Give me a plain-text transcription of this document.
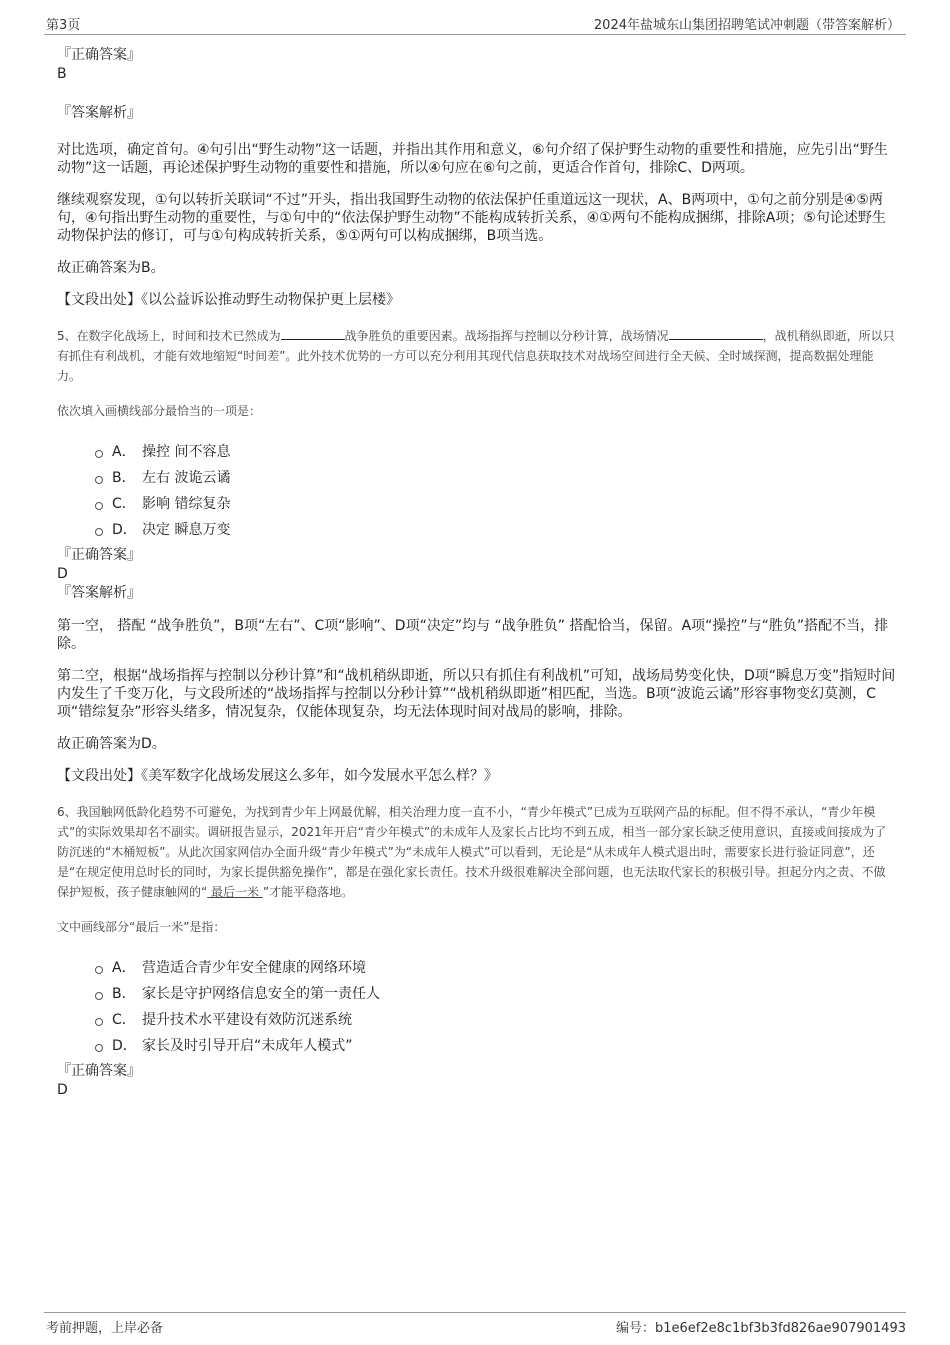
第3页	2024年盐城东山集团招聘笔试冲刺题（带答案解析）
『正确答案』
B
『答案解析』

对比选项，确定首句。④句引出“野生动物”这一话题，并指出其作用和意义，⑥句介绍了保护野生动物的重要性和措施，应先引出“野生动物”这一话题，再论述保护野生动物的重要性和措施，所以④句应在⑥句之前，更适合作首句，排除C、D两项。

继续观察发现，①句以转折关联词“不过”开头，指出我国野生动物的依法保护任重道远这一现状，A、B两项中，①句之前分别是④⑤两句，④句指出野生动物的重要性，与①句中的“依法保护野生动物”不能构成转折关系，④①两句不能构成捆绑，排除A项；⑤句论述野生动物保护法的修订，可与①句构成转折关系，⑤①两句可以构成捆绑，B项当选。

故正确答案为B。

【文段出处】《以公益诉讼推动野生动物保护更上层楼》

5、在数字化战场上，时间和技术已然成为	战争胜负的重要因素。战场指挥与控制以分秒计算，战场情况	，战机稍纵即逝，所以只有抓住有利战机，才能有效地缩短“时间差”。此外技术优势的一方可以充分利用其现代信息获取技术对战场空间进行全天候、全时域探测，提高数据处理能力。

依次填入画横线部分最恰当的一项是：

A． 操控 间不容息
B． 左右 波诡云谲
C． 影响 错综复杂
D． 决定 瞬息万变
『正确答案』
D
『答案解析』

第一空， 搭配 “战争胜负”，B项“左右”、C项“影响”、D项“决定”均与 “战争胜负” 搭配恰当，保留。A项“操控”与“胜负”搭配不当，排除。

第二空，根据“战场指挥与控制以分秒计算”和“战机稍纵即逝，所以只有抓住有利战机”可知，战场局势变化快，D项“瞬息万变”指短时间内发生了千变万化，与文段所述的“战场指挥与控制以分秒计算”“战机稍纵即逝”相匹配，当选。B项“波诡云谲”形容事物变幻莫测，C项“错综复杂”形容头绪多，情况复杂，仅能体现复杂，均无法体现时间对战局的影响，排除。

故正确答案为D。

【文段出处】《美军数字化战场发展这么多年，如今发展水平怎么样？》

6、我国触网低龄化趋势不可避免，为找到青少年上网最优解，相关治理力度一直不小，“青少年模式”已成为互联网产品的标配。但不得不承认，“青少年模式”的实际效果却名不副实。调研报告显示，2021年开启“青少年模式”的未成年人及家长占比均不到五成，相当一部分家长缺乏使用意识，直接或间接成为了防沉迷的“木桶短板”。从此次国家网信办全面升级“青少年模式”为“未成年人模式”可以看到，无论是“从未成年人模式退出时，需要家长进行验证同意”，还是“在规定使用总时长的同时，为家长提供豁免操作”，都是在强化家长责任。技术升级很难解决全部问题，也无法取代家长的积极引导。担起分内之责、不做保护短板，孩子健康触网的“ 最后一米 ”才能平稳落地。

文中画线部分“最后一米”是指：

A． 营造适合青少年安全健康的网络环境
B． 家长是守护网络信息安全的第一责任人
C． 提升技术水平建设有效防沉迷系统
D． 家长及时引导开启“未成年人模式”
『正确答案』
D
考前押题，上岸必备	编号：b1e6ef2e8c1bf3b3fd826ae907901493
